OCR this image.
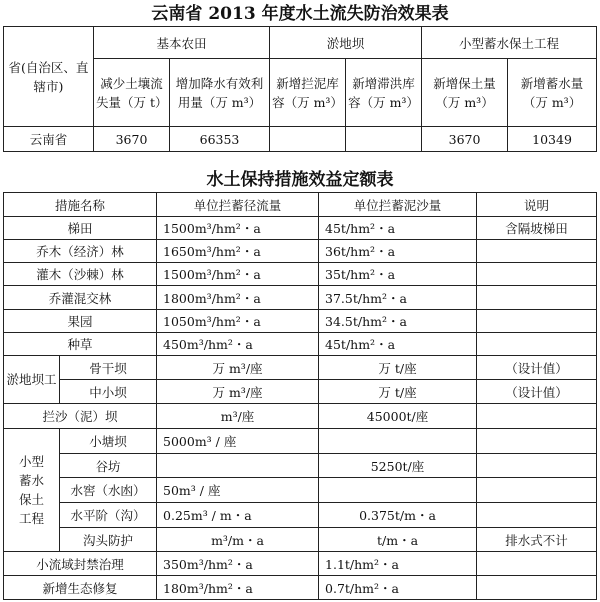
云南省 2013 年度水土流失防治效果表
省(自治区、直辖市)	基本农田		淤地坝		小型蓄水保土工程	
	减少土壤流失量（万 t）	增加降水有效利用量（万 m³）	新增拦泥库容（万 m³）	新增滞洪库容（万 m³）	新增保土量（万 m³）	新增蓄水量（万 m³）
云南省	3670	66353			3670	10349
水土保持措施效益定额表
措施名称		单位拦蓄径流量	单位拦蓄泥沙量	说明
梯田		1500m³/hm²・a	45t/hm²・a	含隔坡梯田
乔木（经济）林		1650m³/hm²・a	36t/hm²・a	
灌木（沙棘）林		1500m³/hm²・a	35t/hm²・a	
乔灌混交林		1800m³/hm²・a	37.5t/hm²・a	
果园		1050m³/hm²・a	34.5t/hm²・a	
种草		450m³/hm²・a	45t/hm²・a	
淤地坝工	骨干坝	万 m³/座	万 t/座	（设计值）
	中小坝	万 m³/座	万 t/座	（设计值）
拦沙（泥）坝		m³/座	45000t/座	
小型蓄水保土工程	小塘坝	5000m³ / 座		
	谷坊		5250t/座	
	水窖（水凼）	50m³ / 座		
	水平阶（沟）	0.25m³ / m・a	0.375t/m・a	
	沟头防护	m³/m・a	t/m・a	排水式不计
小流域封禁治理		350m³/hm²・a	1.1t/hm²・a	
新增生态修复		180m³/hm²・a	0.7t/hm²・a	
